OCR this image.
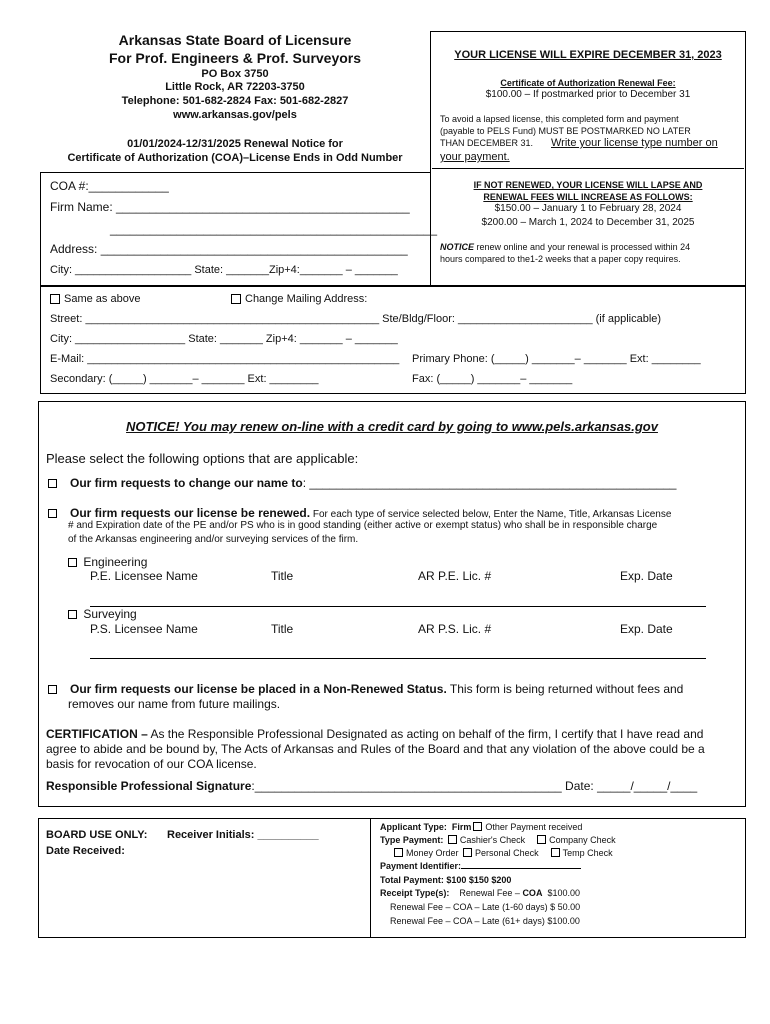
Arkansas State Board of Licensure
For Prof. Engineers & Prof. Surveyors
PO Box 3750
Little Rock, AR 72203-3750
Telephone: 501-682-2824 Fax: 501-682-2827
www.arkansas.gov/pels
01/01/2024-12/31/2025 Renewal Notice for
Certificate of Authorization (COA)–License Ends in Odd Number
YOUR LICENSE WILL EXPIRE DECEMBER 31, 2023
Certificate of Authorization Renewal Fee:
$100.00 – If postmarked prior to December 31
To avoid a lapsed license, this completed form and payment
(payable to PELS Fund) MUST BE POSTMARKED NO LATER
THAN DECEMBER 31.	Write your license type number on
your payment.
IF NOT RENEWED, YOUR LICENSE WILL LAPSE AND
RENEWAL FEES WILL INCREASE AS FOLLOWS:
$150.00 – January 1 to February 28, 2024
$200.00 – March 1, 2024 to December 31, 2025
NOTICE renew online and your renewal is processed within 24
hours compared to the1-2 weeks that a paper copy requires.
COA #:____________
Firm Name: ____________________________________________
_________________________________________________
Address: ______________________________________________
City: ___________________ State: _______Zip+4:_______ – _______
Same as above	Change Mailing Address:
Street: ________________________________________________ Ste/Bldg/Floor: ______________________ (if applicable)
City: __________________ State: _______ Zip+4: _______ – _______
E-Mail: ___________________________________________________ Primary Phone: (_____) _______– _______ Ext: ________
Secondary: (_____) _______– _______ Ext: ________	Fax: (_____) _______– _______
NOTICE! You may renew on-line with a credit card by going to www.pels.arkansas.gov
Please select the following options that are applicable:
Our firm requests to change our name to: _______________________________________________________
Our firm requests our license be renewed. For each type of service selected below, Enter the Name, Title, Arkansas License
# and Expiration date of the PE and/or PS who is in good standing (either active or exempt status) who shall be in responsible charge
of the Arkansas engineering and/or surveying services of the firm.
Engineering
P.E. Licensee Name	Title	AR P.E. Lic. #	Exp. Date
Surveying
P.S. Licensee Name	Title	AR P.S. Lic. #	Exp. Date
Our firm requests our license be placed in a Non-Renewed Status. This form is being returned without fees and
removes our name from future mailings.
CERTIFICATION – As the Responsible Professional Designated as acting on behalf of the firm, I certify that I have read and
agree to abide and be bound by, The Acts of Arkansas and Rules of the Board and that any violation of the above could be a
basis for revocation of our COA license.
Responsible Professional Signature:______________________________________________ Date: _____/_____/____
BOARD USE ONLY: Receiver Initials: __________
Date Received:
Applicant Type: Firm Other Payment received
Type Payment: Cashier's Check	Company Check
Money Order Personal Check	Temp Check
Payment Identifier:
Total Payment: $100 $150 $200
Receipt Type(s): Renewal Fee – COA $100.00
Renewal Fee – COA – Late (1-60 days) $ 50.00
Renewal Fee – COA – Late (61+ days) $100.00
